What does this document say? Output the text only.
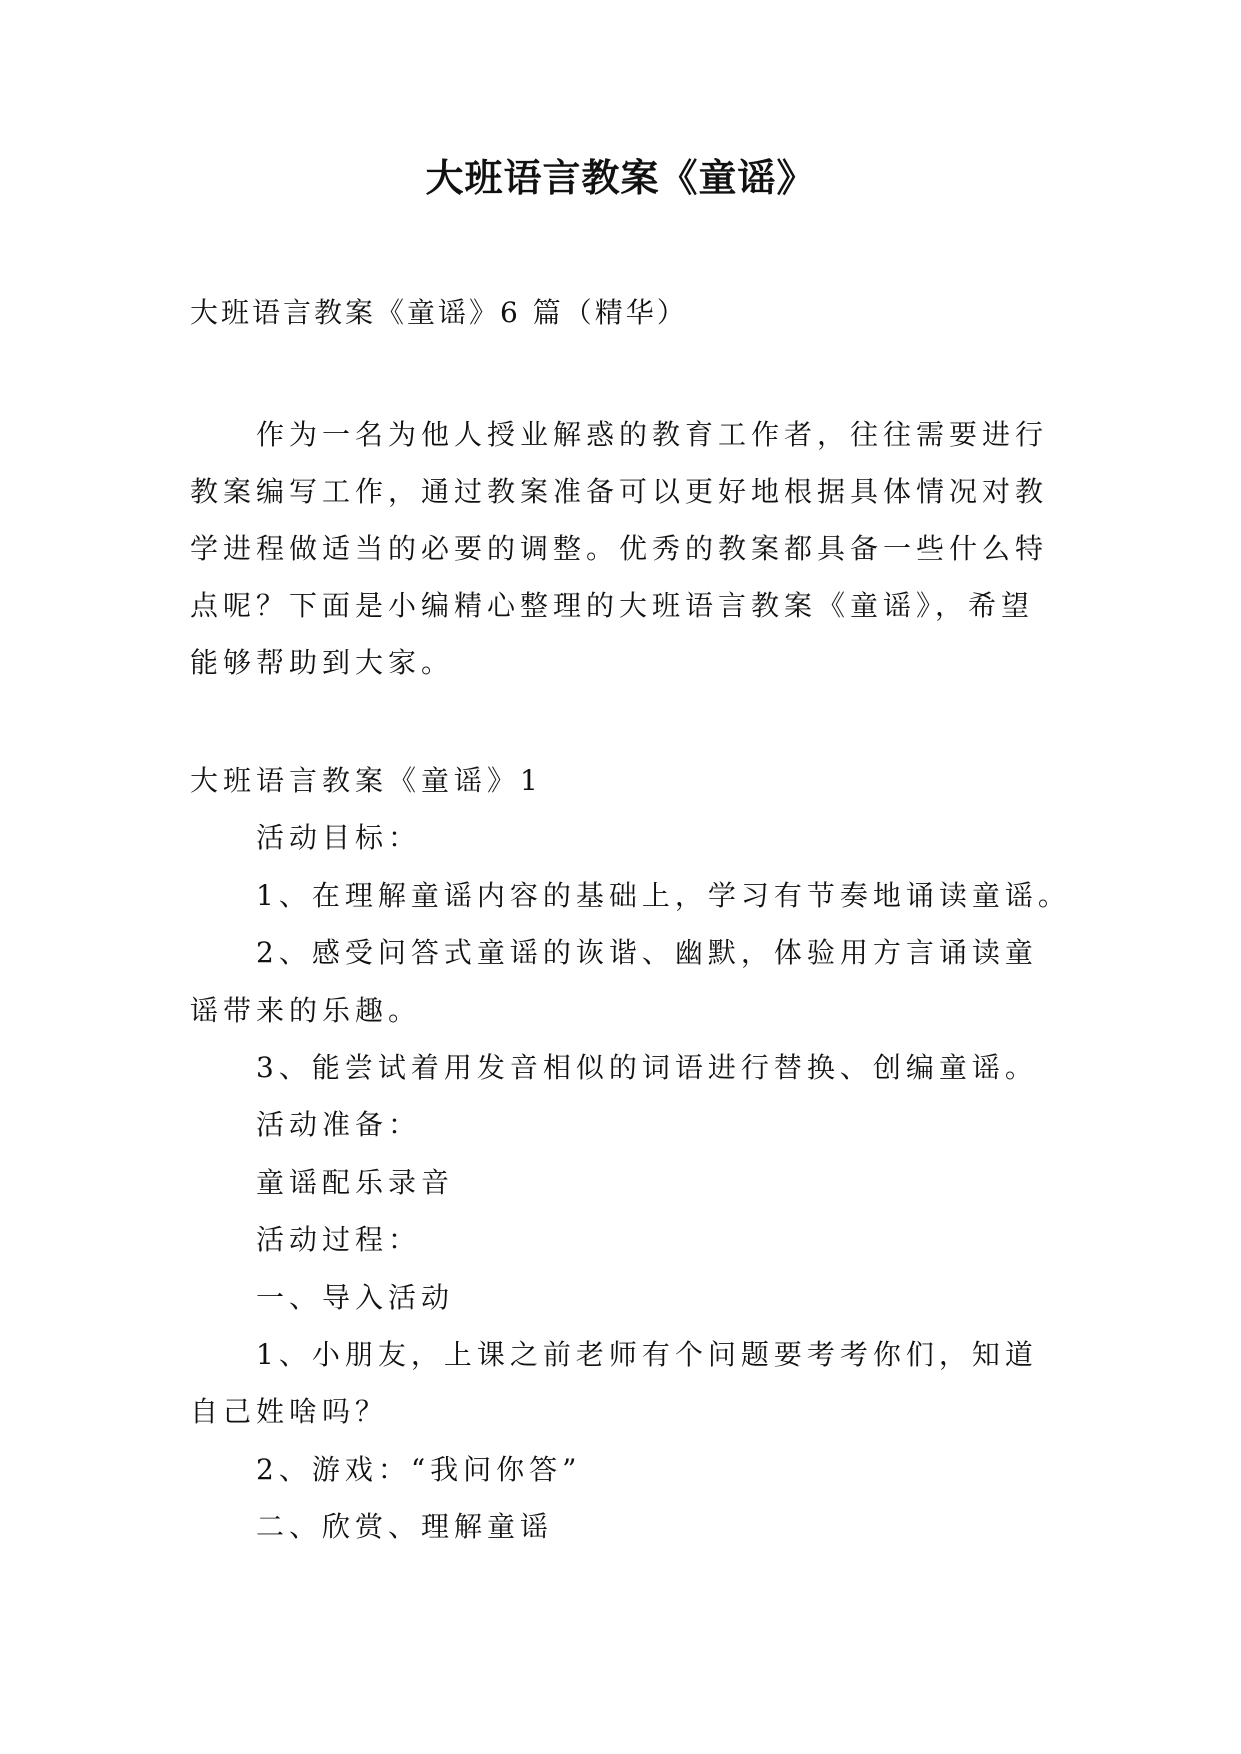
大班语言教案《童谣》
大班语言教案《童谣》6 篇（精华）
作为一名为他人授业解惑的教育工作者，往往需要进行
教案编写工作，通过教案准备可以更好地根据具体情况对教
学进程做适当的必要的调整。优秀的教案都具备一些什么特
点呢？下面是小编精心整理的大班语言教案《童谣》，希望
能够帮助到大家。
大班语言教案《童谣》1
活动目标：
1、在理解童谣内容的基础上，学习有节奏地诵读童谣。
2、感受问答式童谣的诙谐、幽默，体验用方言诵读童
谣带来的乐趣。
3、能尝试着用发音相似的词语进行替换、创编童谣。
活动准备：
童谣配乐录音
活动过程：
一、导入活动
1、小朋友，上课之前老师有个问题要考考你们，知道
自己姓啥吗？
2、游戏：“我问你答”
二、欣赏、理解童谣
